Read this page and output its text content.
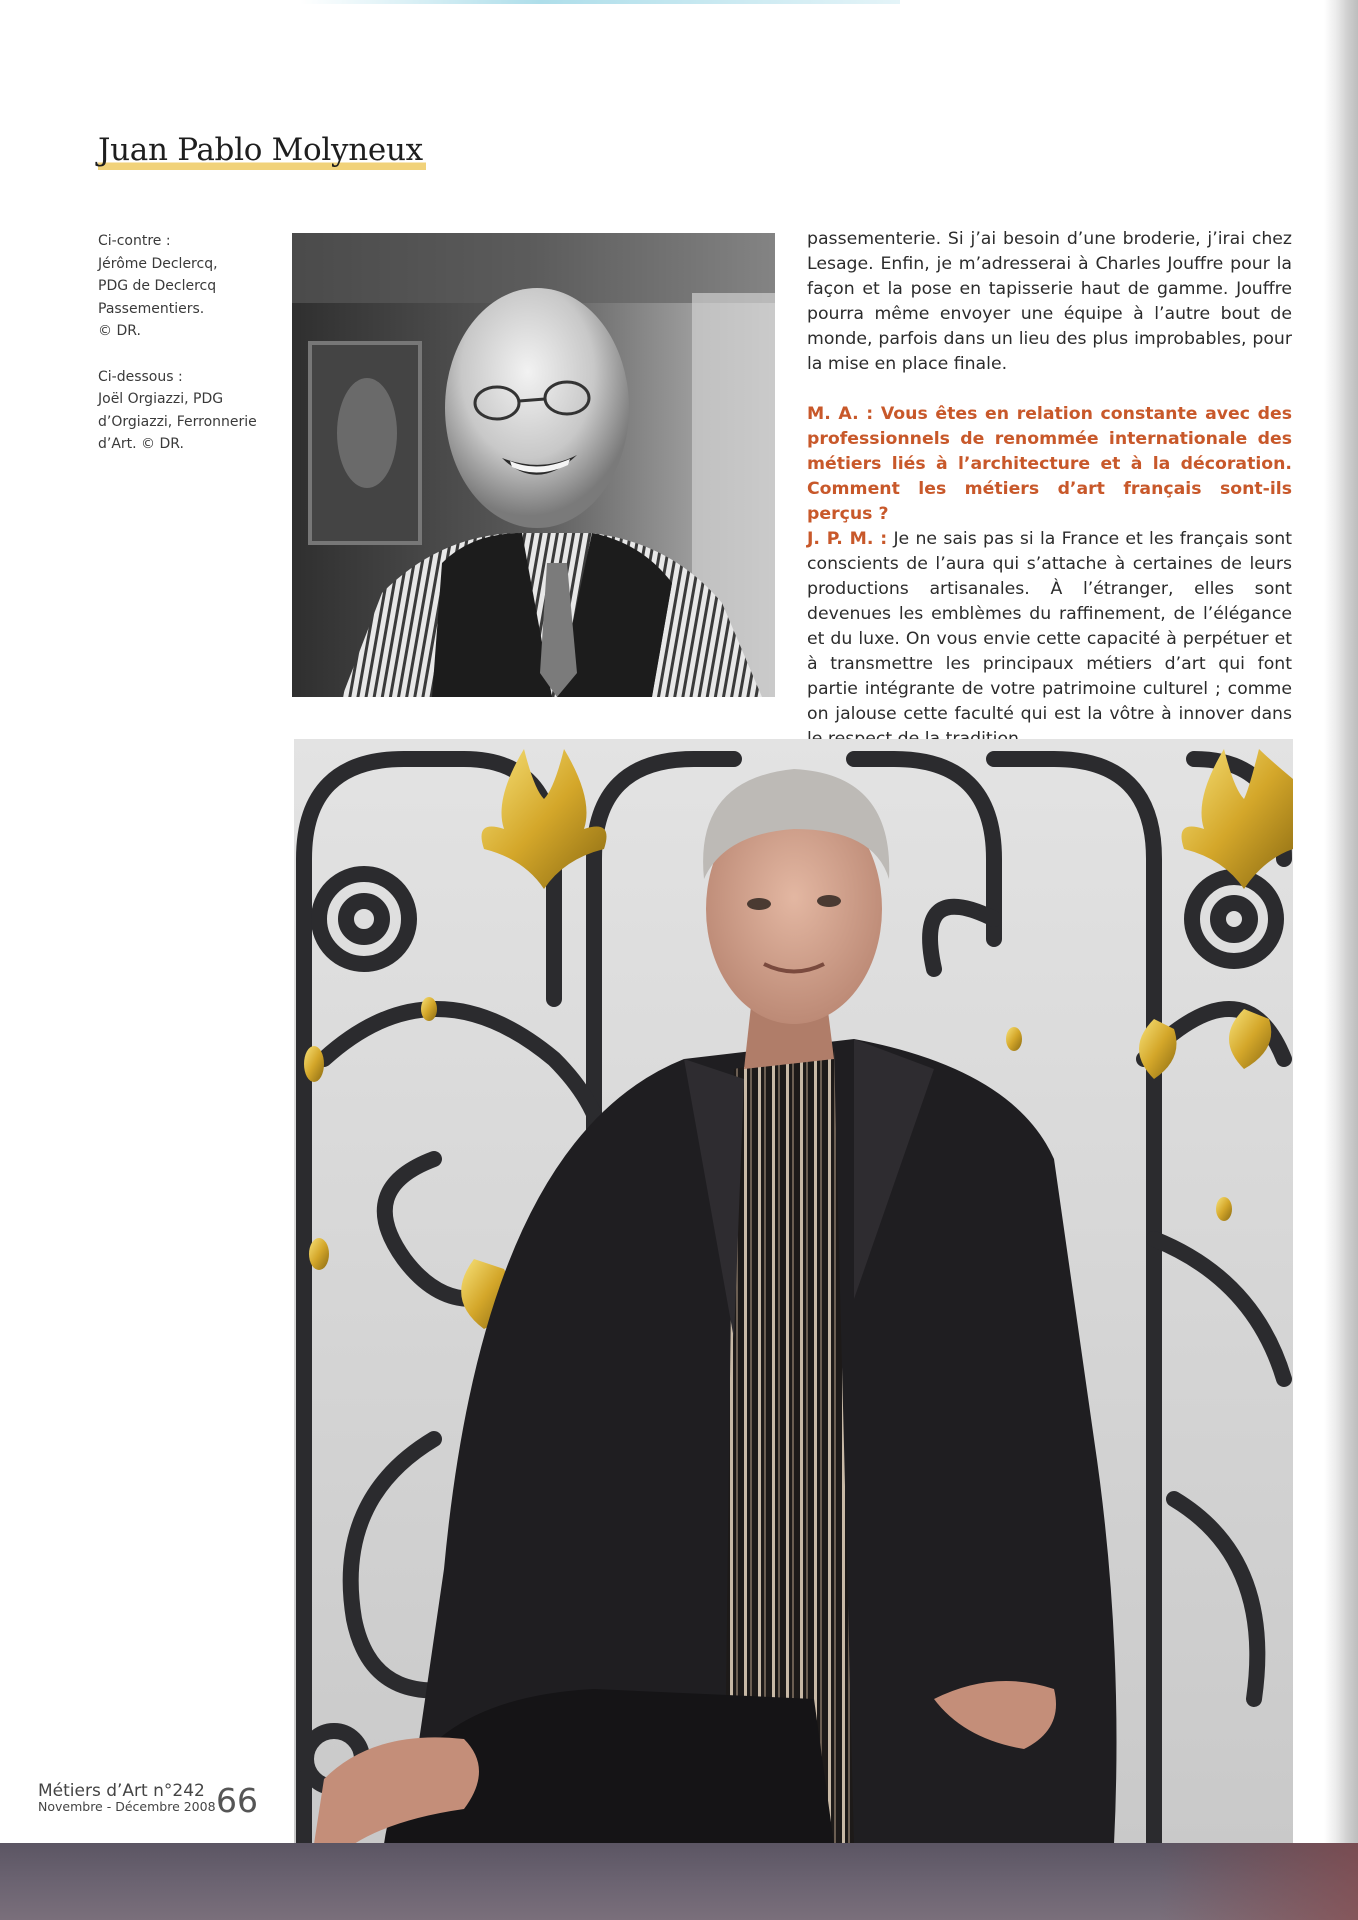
Juan Pablo Molyneux

Ci-contre :
Jérôme Declercq,
PDG de Declercq
Passementiers.
© DR.

Ci-dessous :
Joël Orgiazzi, PDG
d’Orgiazzi, Ferronnerie
d’Art. © DR.

passementerie. Si j’ai besoin d’une broderie, j’irai chez Lesage. Enfin, je m’adresserai à Charles Jouffre pour la façon et la pose en tapisserie haut de gamme. Jouffre pourra même envoyer une équipe à l’autre bout de monde, parfois dans un lieu des plus improbables, pour la mise en place finale.

M. A. : Vous êtes en relation constante avec des professionnels de renommée internationale des métiers liés à l’architecture et à la décoration. Comment les métiers d’art français sont-ils perçus ?

J. P. M. : Je ne sais pas si la France et les français sont conscients de l’aura qui s’attache à certaines de leurs productions artisanales. À l’étranger, elles sont devenues les emblèmes du raffinement, de l’élégance et du luxe. On vous envie cette capacité à perpétuer et à transmettre les principaux métiers d’art qui font partie intégrante de votre patrimoine culturel ; comme on jalouse cette faculté qui est la vôtre à innover dans

Métiers d’Art n°242
Novembre - Décembre 2008 66
